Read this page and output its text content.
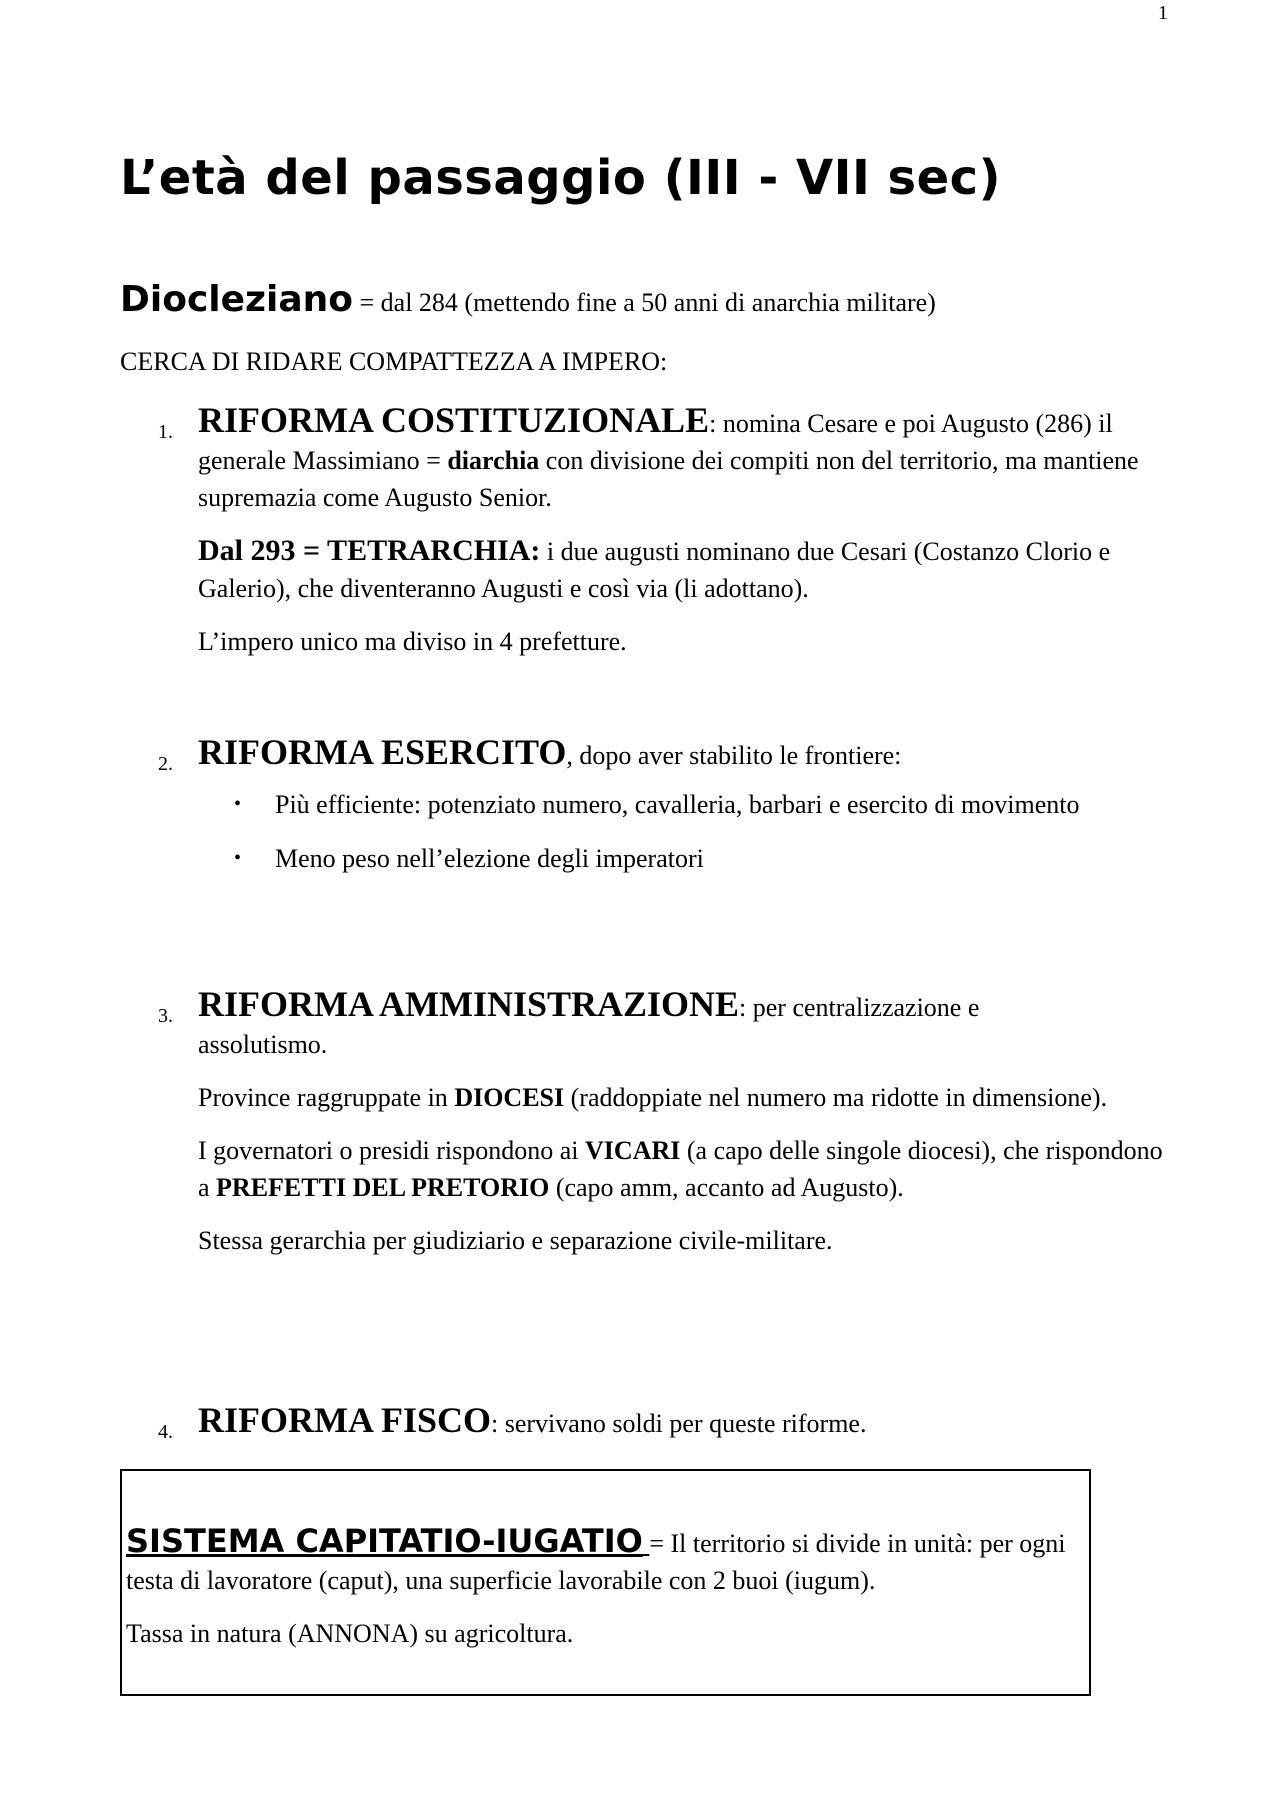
1
L’età del passaggio (III - VII sec)
Diocleziano = dal 284 (mettendo fine a 50 anni di anarchia militare)
CERCA DI RIDARE COMPATTEZZA A IMPERO:
1. RIFORMA COSTITUZIONALE: nomina Cesare e poi Augusto (286) il generale Massimiano = diarchia con divisione dei compiti non del territorio, ma mantiene supremazia come Augusto Senior.

Dal 293 = TETRARCHIA: i due augusti nominano due Cesari (Costanzo Clorio e Galerio), che diventeranno Augusti e così via (li adottano).

L’impero unico ma diviso in 4 prefetture.

2. RIFORMA ESERCITO, dopo aver stabilito le frontiere:

• Più efficiente: potenziato numero, cavalleria, barbari e esercito di movimento
• Meno peso nell’elezione degli imperatori
3. RIFORMA AMMINISTRAZIONE: per centralizzazione e assolutismo.

Province raggruppate in DIOCESI (raddoppiate nel numero ma ridotte in dimensione).

I governatori o presidi rispondono ai VICARI (a capo delle singole diocesi), che rispondono a PREFETTI DEL PRETORIO (capo amm, accanto ad Augusto).

Stessa gerarchia per giudiziario e separazione civile-militare.

4. RIFORMA FISCO: servivano soldi per queste riforme.

SISTEMA CAPITATIO-IUGATIO = Il territorio si divide in unità: per ogni testa di lavoratore (caput), una superficie lavorabile con 2 buoi (iugum).

Tassa in natura (ANNONA) su agricoltura.
